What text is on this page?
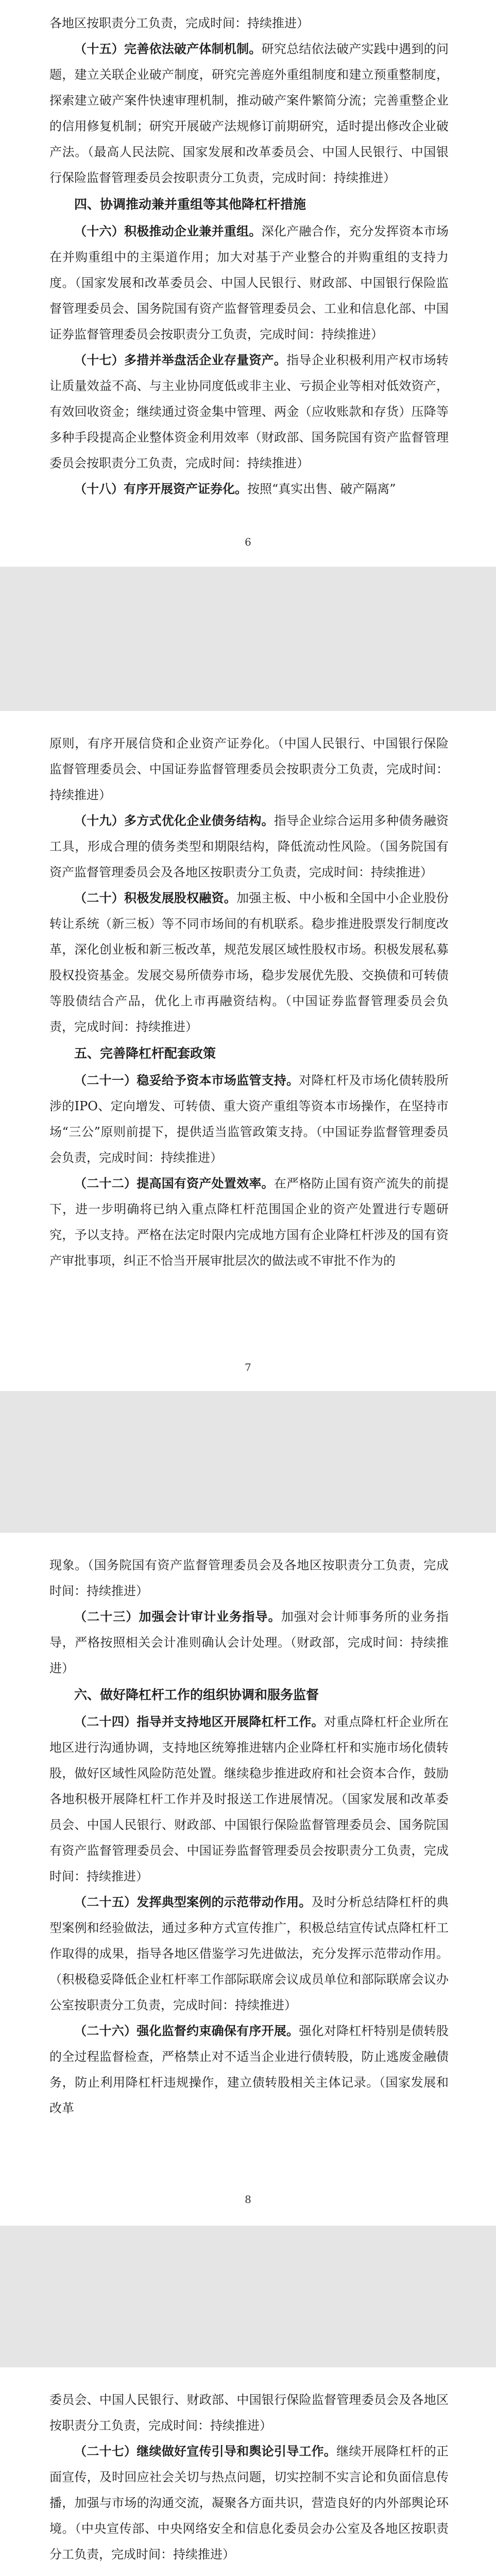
各地区按职责分工负责，完成时间：持续推进）

（十五）完善依法破产体制机制。研究总结依法破产实践中遇到的问题，建立关联企业破产制度，研究完善庭外重组制度和建立预重整制度，探索建立破产案件快速审理机制，推动破产案件繁简分流；完善重整企业的信用修复机制；研究开展破产法规修订前期研究，适时提出修改企业破产法。（最高人民法院、国家发展和改革委员会、中国人民银行、中国银行保险监督管理委员会按职责分工负责，完成时间：持续推进）

四、协调推动兼并重组等其他降杠杆措施

（十六）积极推动企业兼并重组。深化产融合作，充分发挥资本市场在并购重组中的主渠道作用；加大对基于产业整合的并购重组的支持力度。（国家发展和改革委员会、中国人民银行、财政部、中国银行保险监督管理委员会、国务院国有资产监督管理委员会、工业和信息化部、中国证券监督管理委员会按职责分工负责，完成时间：持续推进）

（十七）多措并举盘活企业存量资产。指导企业积极利用产权市场转让质量效益不高、与主业协同度低或非主业、亏损企业等相对低效资产，有效回收资金；继续通过资金集中管理、两金（应收账款和存货）压降等多种手段提高企业整体资金利用效率（财政部、国务院国有资产监督管理委员会按职责分工负责，完成时间：持续推进）

（十八）有序开展资产证券化。按照“真实出售、破产隔离”

6

原则，有序开展信贷和企业资产证券化。（中国人民银行、中国银行保险监督管理委员会、中国证券监督管理委员会按职责分工负责，完成时间：持续推进）

（十九）多方式优化企业债务结构。指导企业综合运用多种债务融资工具，形成合理的债务类型和期限结构，降低流动性风险。（国务院国有资产监督管理委员会及各地区按职责分工负责，完成时间：持续推进）

（二十）积极发展股权融资。加强主板、中小板和全国中小企业股份转让系统（新三板）等不同市场间的有机联系。稳步推进股票发行制度改革，深化创业板和新三板改革，规范发展区域性股权市场。积极发展私募股权投资基金。发展交易所债券市场，稳步发展优先股、交换债和可转债等股债结合产品，优化上市再融资结构。（中国证券监督管理委员会负责，完成时间：持续推进）

五、完善降杠杆配套政策

（二十一）稳妥给予资本市场监管支持。对降杠杆及市场化债转股所涉的IPO、定向增发、可转债、重大资产重组等资本市场操作，在坚持市场“三公”原则前提下，提供适当监管政策支持。（中国证券监督管理委员会负责，完成时间：持续推进）

（二十二）提高国有资产处置效率。在严格防止国有资产流失的前提下，进一步明确将已纳入重点降杠杆范围国企业的资产处置进行专题研究，予以支持。严格在法定时限内完成地方国有企业降杠杆涉及的国有资产审批事项，纠正不恰当开展审批层次的做法或不审批不作为的

7

现象。（国务院国有资产监督管理委员会及各地区按职责分工负责，完成时间：持续推进）

（二十三）加强会计审计业务指导。加强对会计师事务所的业务指导，严格按照相关会计准则确认会计处理。（财政部，完成时间：持续推进）

六、做好降杠杆工作的组织协调和服务监督

（二十四）指导并支持地区开展降杠杆工作。对重点降杠杆企业所在地区进行沟通协调，支持地区统筹推进辖内企业降杠杆和实施市场化债转股，做好区域性风险防范处置。继续稳步推进政府和社会资本合作，鼓励各地积极开展降杠杆工作并及时报送工作进展情况。（国家发展和改革委员会、中国人民银行、财政部、中国银行保险监督管理委员会、国务院国有资产监督管理委员会、中国证券监督管理委员会按职责分工负责，完成时间：持续推进）

（二十五）发挥典型案例的示范带动作用。及时分析总结降杠杆的典型案例和经验做法，通过多种方式宣传推广，积极总结宣传试点降杠杆工作取得的成果，指导各地区借鉴学习先进做法，充分发挥示范带动作用。（积极稳妥降低企业杠杆率工作部际联席会议成员单位和部际联席会议办公室按职责分工负责，完成时间：持续推进）

（二十六）强化监督约束确保有序开展。强化对降杠杆特别是债转股的全过程监督检查，严格禁止对不适当企业进行债转股，防止逃废金融债务，防止利用降杠杆违规操作，建立债转股相关主体记录。（国家发展和改革

8

委员会、中国人民银行、财政部、中国银行保险监督管理委员会及各地区按职责分工负责，完成时间：持续推进）

（二十七）继续做好宣传引导和舆论引导工作。继续开展降杠杆的正面宣传，及时回应社会关切与热点问题，切实控制不实言论和负面信息传播，加强与市场的沟通交流，凝聚各方面共识，营造良好的内外部舆论环境。（中央宣传部、中央网络安全和信息化委员会办公室及各地区按职责分工负责，完成时间：持续推进）
